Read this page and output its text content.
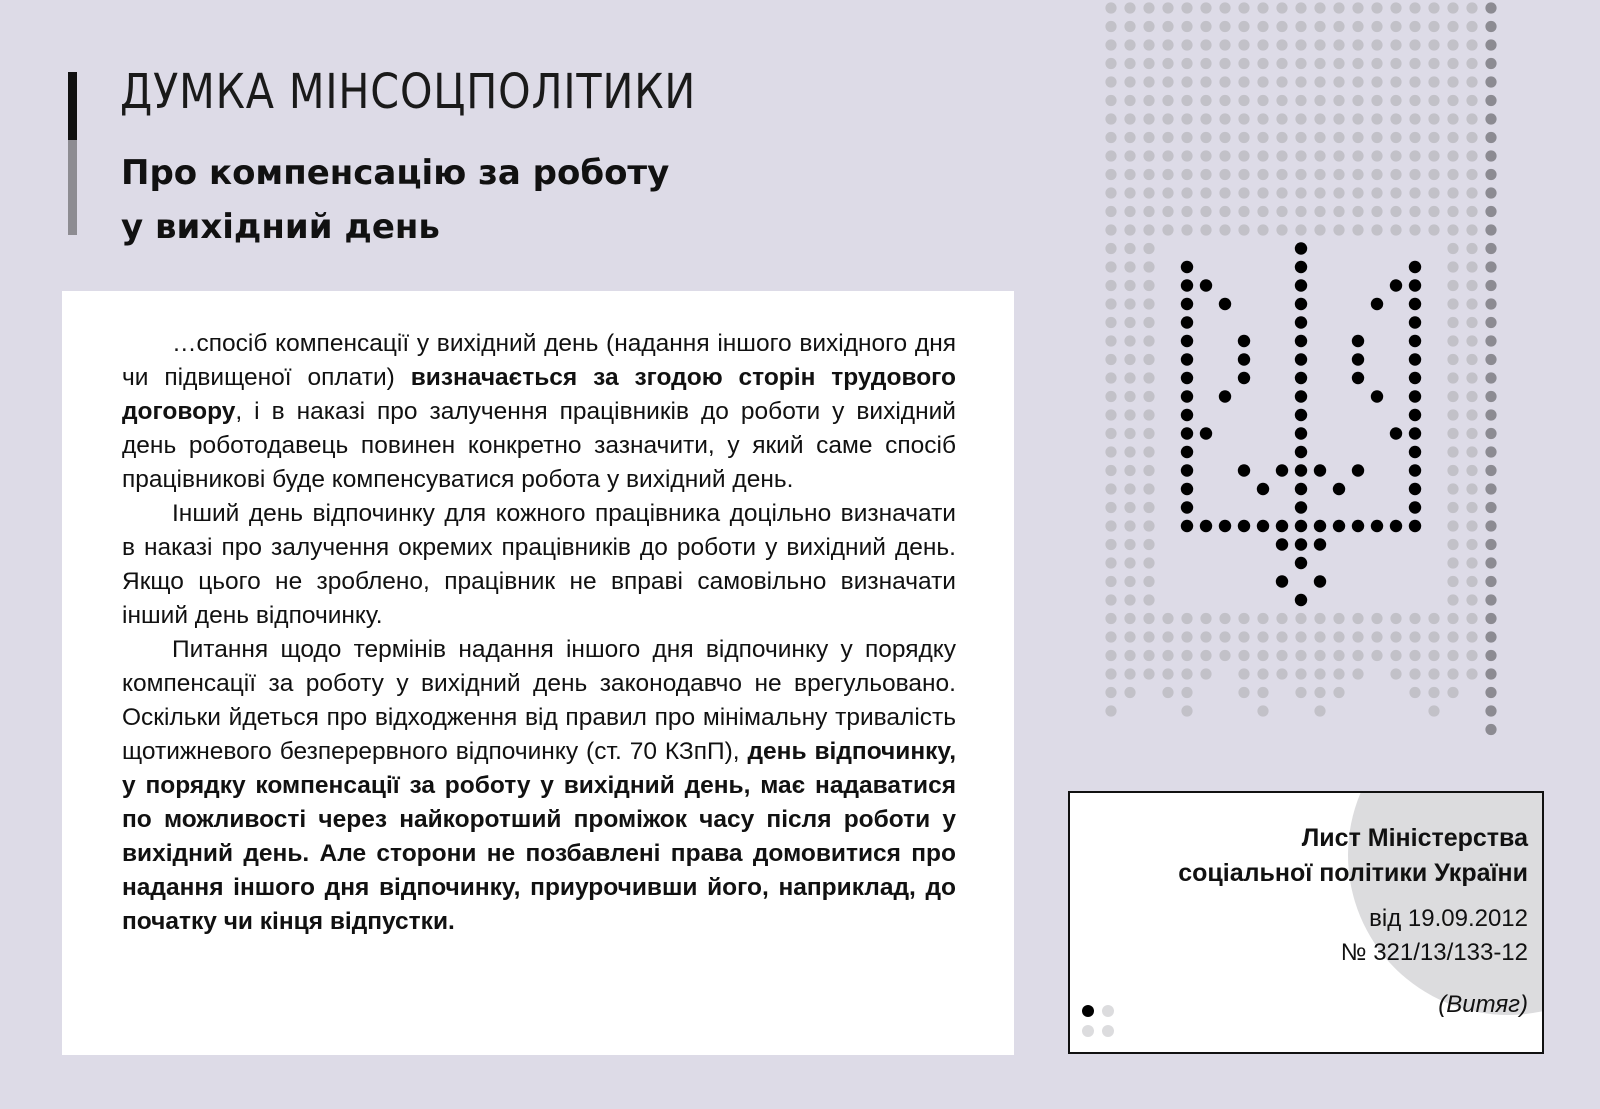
ДУМКА МІНСОЦПОЛІТИКИ
Про компенсацію за роботу
у вихідний день

…спосіб компенсації у вихідний день (надання іншого вихідного дня чи підвищеної оплати) визначається за згодою сторін трудового договору, і в наказі про залучення працівників до роботи у вихідний день роботодавець повинен конкретно зазначити, у який саме спосіб працівникові буде компенсуватися робота у вихідний день.

Інший день відпочинку для кожного працівника доцільно визначати в наказі про залучення окремих працівників до роботи у вихідний день. Якщо цього не зроблено, працівник не вправі самовільно визначати інший день відпочинку.

Питання щодо термінів надання іншого дня відпочинку у порядку компенсації за роботу у вихідний день законодавчо не врегульовано. Оскільки йдеться про відходження від правил про мінімальну тривалість щотижневого безперервного відпочинку (ст. 70 КЗпП), день відпочинку, у порядку компенсації за роботу у вихідний день, має надаватися по можливості через найкоротший проміжок часу після роботи у вихідний день. Але сторони не позбавлені права домовитися про надання іншого дня відпочинку, приурочивши його, наприклад, до початку чи кінця відпустки.

Лист Міністерства
соціальної політики України
від 19.09.2012
№ 321/13/133-12
(Витяг)
